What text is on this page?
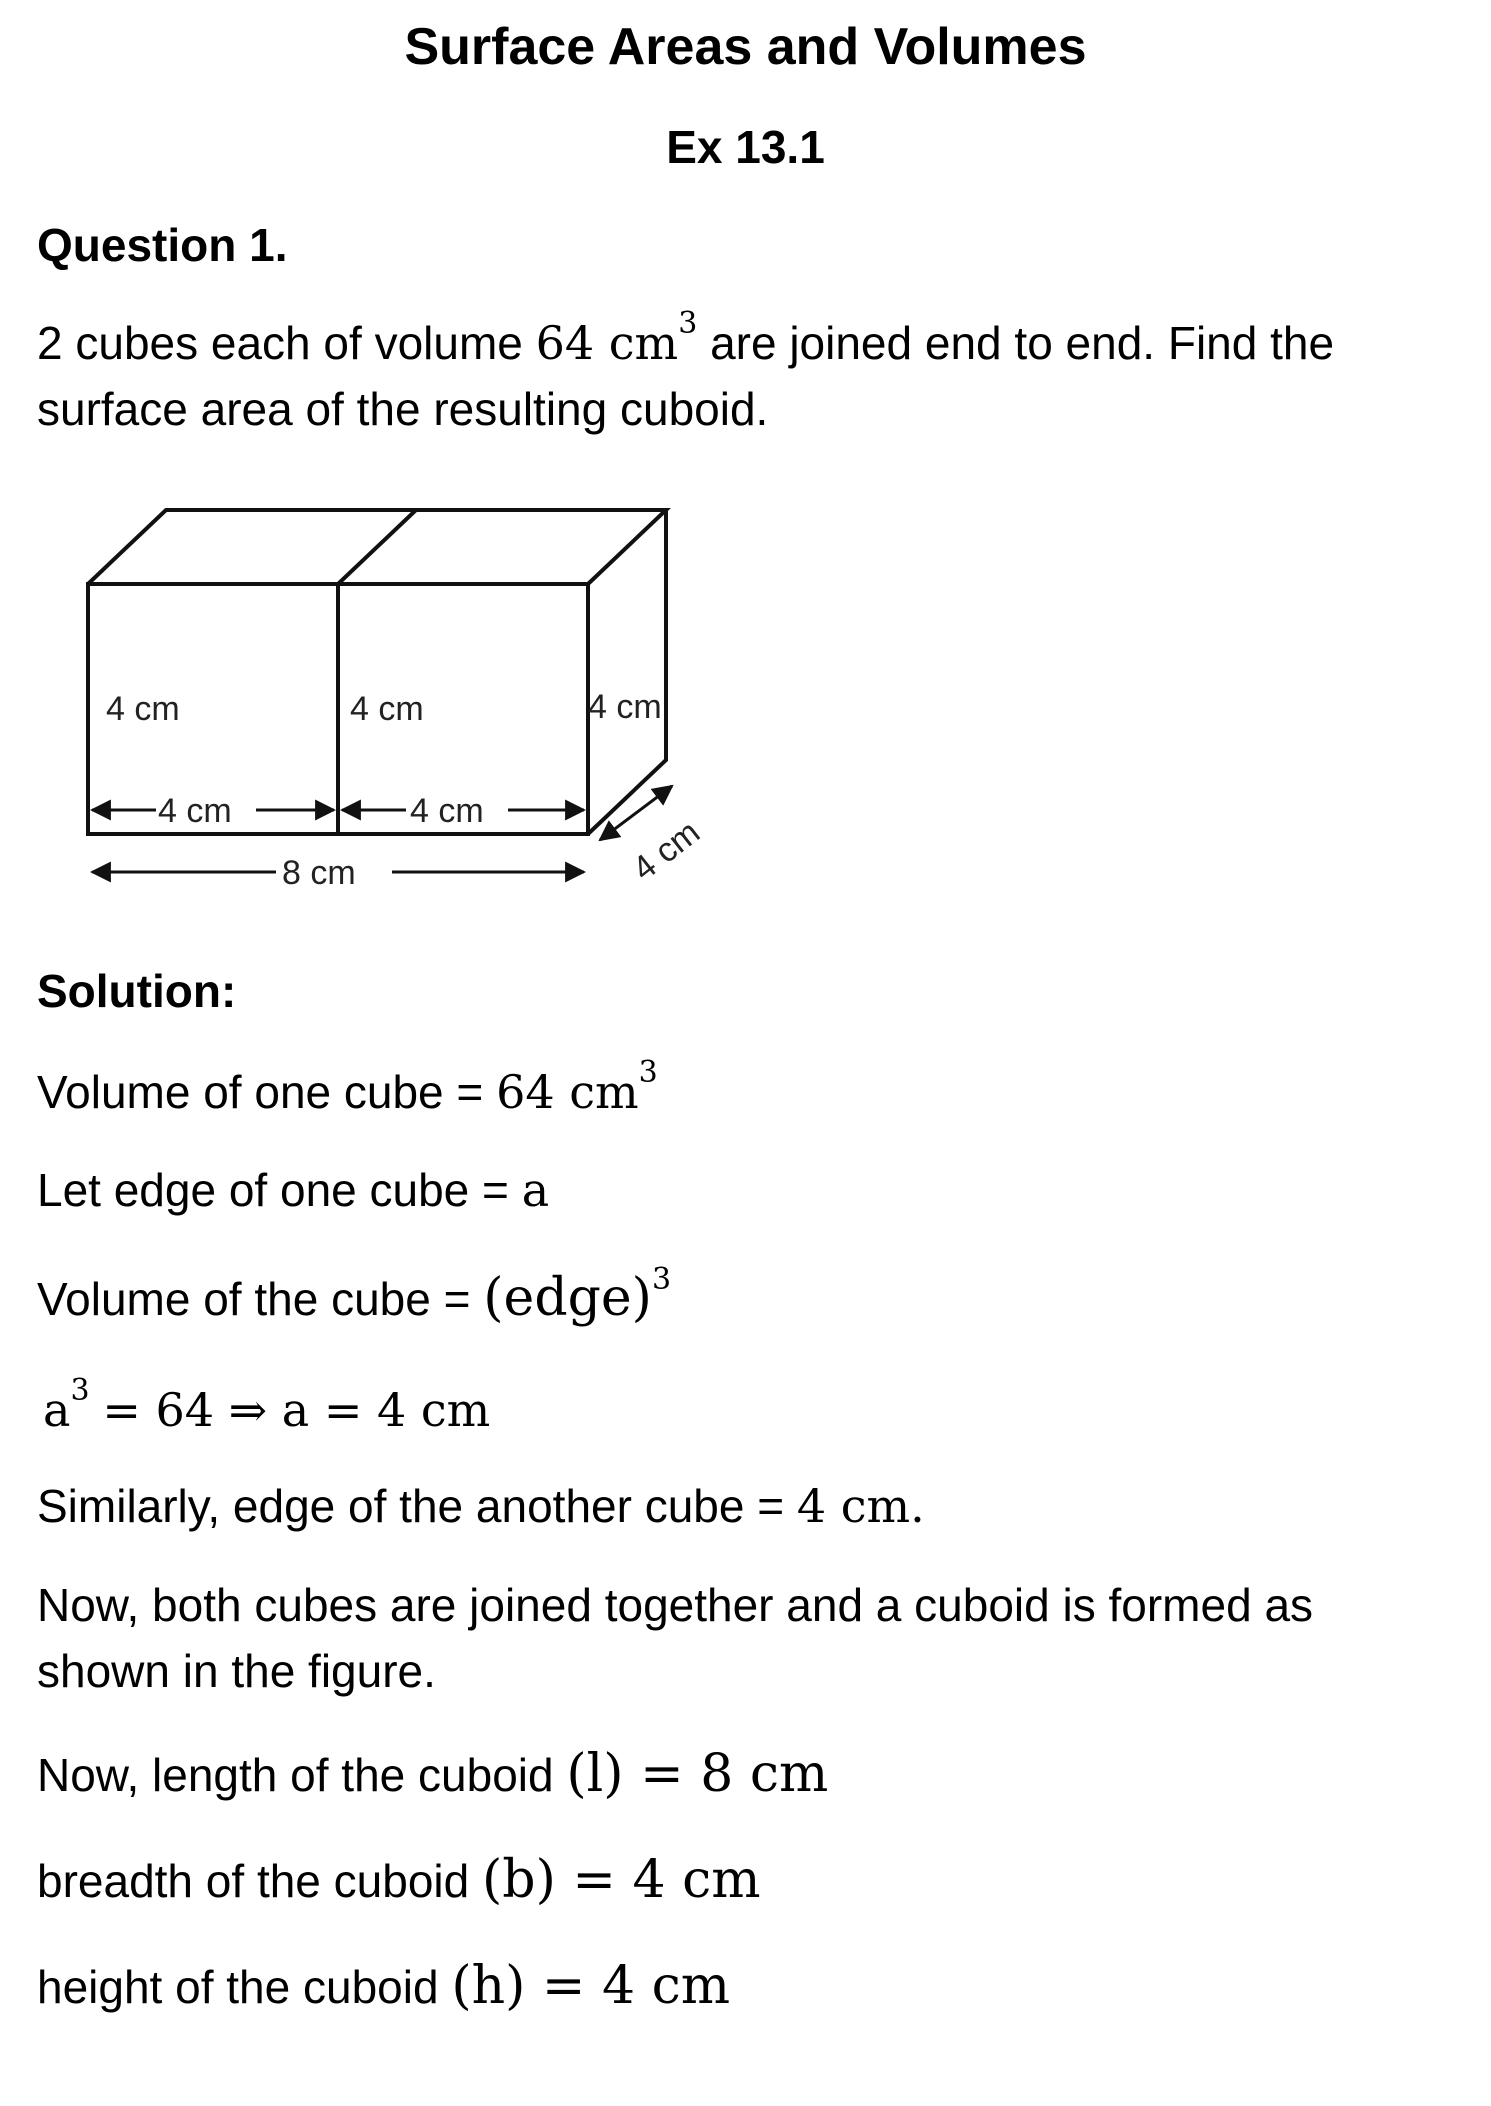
Surface Areas and Volumes
Ex 13.1
Question 1.
2 cubes each of volume 64 $cm^3$ are joined end to end. Find the surface area of the resulting cuboid.
4 cm	4 cm	4 cm
4 cm	4 cm
8 cm	4 cm
Solution:
Volume of one cube = 64 $cm^3$
Let edge of one cube = a
Volume of the cube = (edge)$^3$
$a^3 = 64$ ⇒ a = 4 cm
Similarly, edge of the another cube = 4 cm.
Now, both cubes are joined together and a cuboid is formed as shown in the figure.
Now, length of the cuboid (l) = 8 cm
breadth of the cuboid (b) = 4 cm
height of the cuboid (h) = 4 cm
